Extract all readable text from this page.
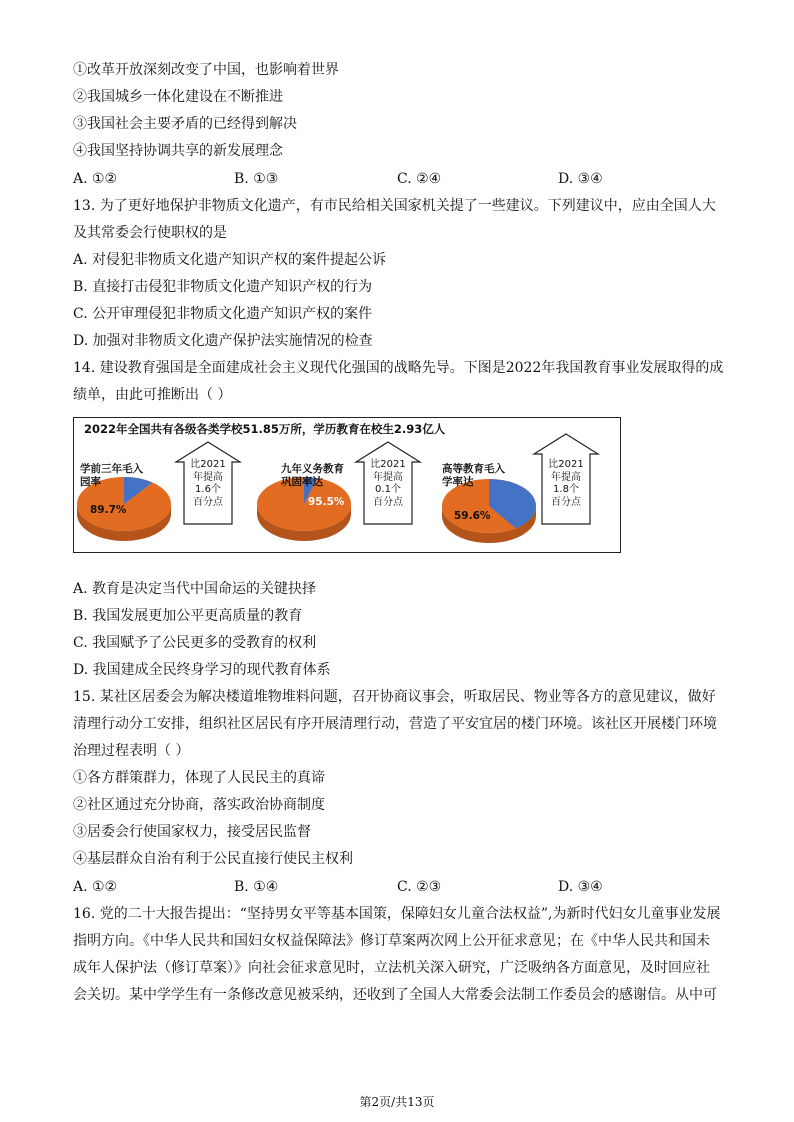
①改革开放深刻改变了中国，也影响着世界
②我国城乡一体化建设在不断推进
③我国社会主要矛盾的已经得到解决
④我国坚持协调共享的新发展理念
A. ①②	B. ①③	C. ②④	D. ③④
13. 为了更好地保护非物质文化遗产，有市民给相关国家机关提了一些建议。下列建议中，应由全国人大
及其常委会行使职权的是
A. 对侵犯非物质文化遗产知识产权的案件提起公诉
B. 直接打击侵犯非物质文化遗产知识产权的行为
C. 公开审理侵犯非物质文化遗产知识产权的案件
D. 加强对非物质文化遗产保护法实施情况的检查
14. 建设教育强国是全面建成社会主义现代化强国的战略先导。下图是2022年我国教育事业发展取得的成
绩单，由此可推断出（ ）
2022年全国共有各级各类学校51.85万所，学历教育在校生2.93亿人
学前三年毛入园率
九年义务教育巩固率达
高等教育毛入学率达
比2021
年提高
1.6个
百分点
比2021
年提高
0.1个
百分点
比2021
年提高
1.8个
百分点
89.7%
95.5%
59.6%
A. 教育是决定当代中国命运的关键抉择
B. 我国发展更加公平更高质量的教育
C. 我国赋予了公民更多的受教育的权利
D. 我国建成全民终身学习的现代教育体系
15. 某社区居委会为解决楼道堆物堆料问题，召开协商议事会，听取居民、物业等各方的意见建议，做好
清理行动分工安排，组织社区居民有序开展清理行动，营造了平安宜居的楼门环境。该社区开展楼门环境
治理过程表明（ ）
①各方群策群力，体现了人民民主的真谛
②社区通过充分协商，落实政治协商制度
③居委会行使国家权力，接受居民监督
④基层群众自治有利于公民直接行使民主权利
A. ①②	B. ①④	C. ②③	D. ③④
16. 党的二十大报告提出：“坚持男女平等基本国策，保障妇女儿童合法权益”,为新时代妇女儿童事业发展
指明方向。《中华人民共和国妇女权益保障法》修订草案两次网上公开征求意见；在《中华人民共和国未
成年人保护法（修订草案）》向社会征求意见时，立法机关深入研究，广泛吸纳各方面意见，及时回应社
会关切。某中学学生有一条修改意见被采纳，还收到了全国人大常委会法制工作委员会的感谢信。从中可
第2页/共13页
